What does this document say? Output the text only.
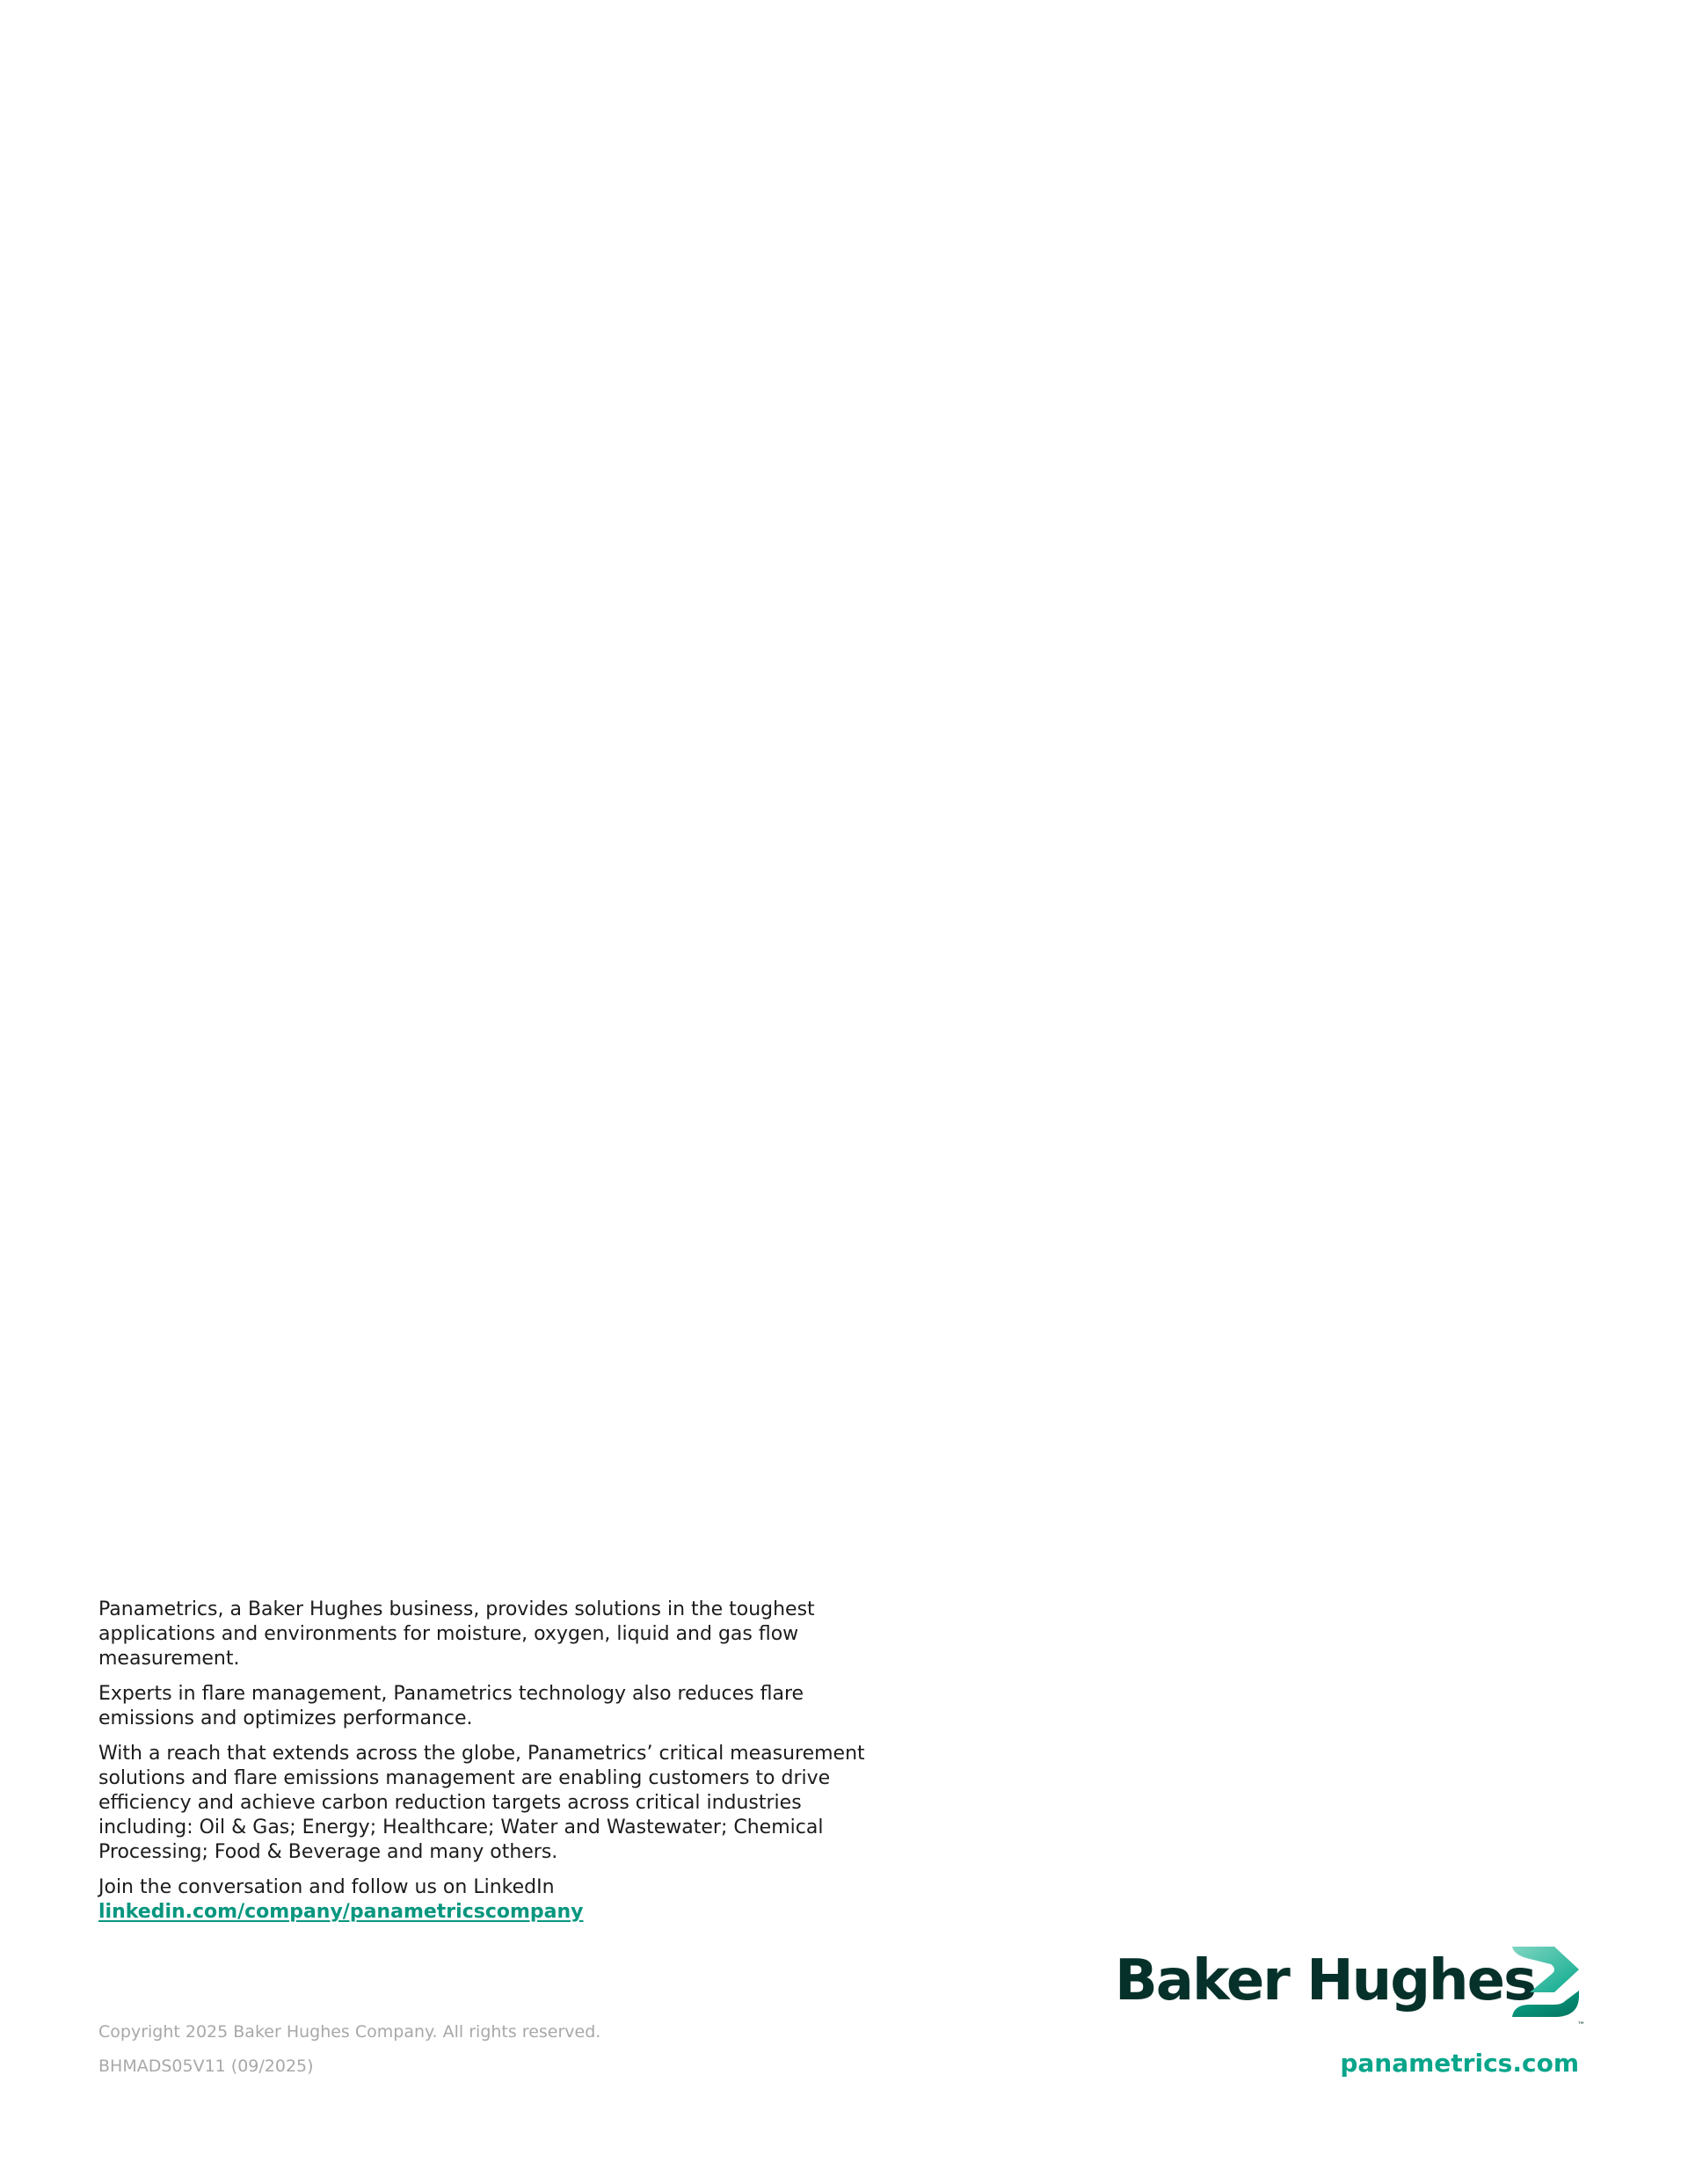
Panametrics, a Baker Hughes business, provides solutions in the toughest applications and environments for moisture, oxygen, liquid and gas flow measurement.

Experts in flare management, Panametrics technology also reduces flare emissions and optimizes performance.

With a reach that extends across the globe, Panametrics’ critical measurement solutions and flare emissions management are enabling customers to drive efficiency and achieve carbon reduction targets across critical industries including: Oil & Gas; Energy; Healthcare; Water and Wastewater; Chemical Processing; Food & Beverage and many others.

Join the conversation and follow us on LinkedIn
linkedin.com/company/panametricscompany

Copyright 2025 Baker Hughes Company. All rights reserved.
BHMADS05V11 (09/2025)
Baker Hughes
™
panametrics.com
